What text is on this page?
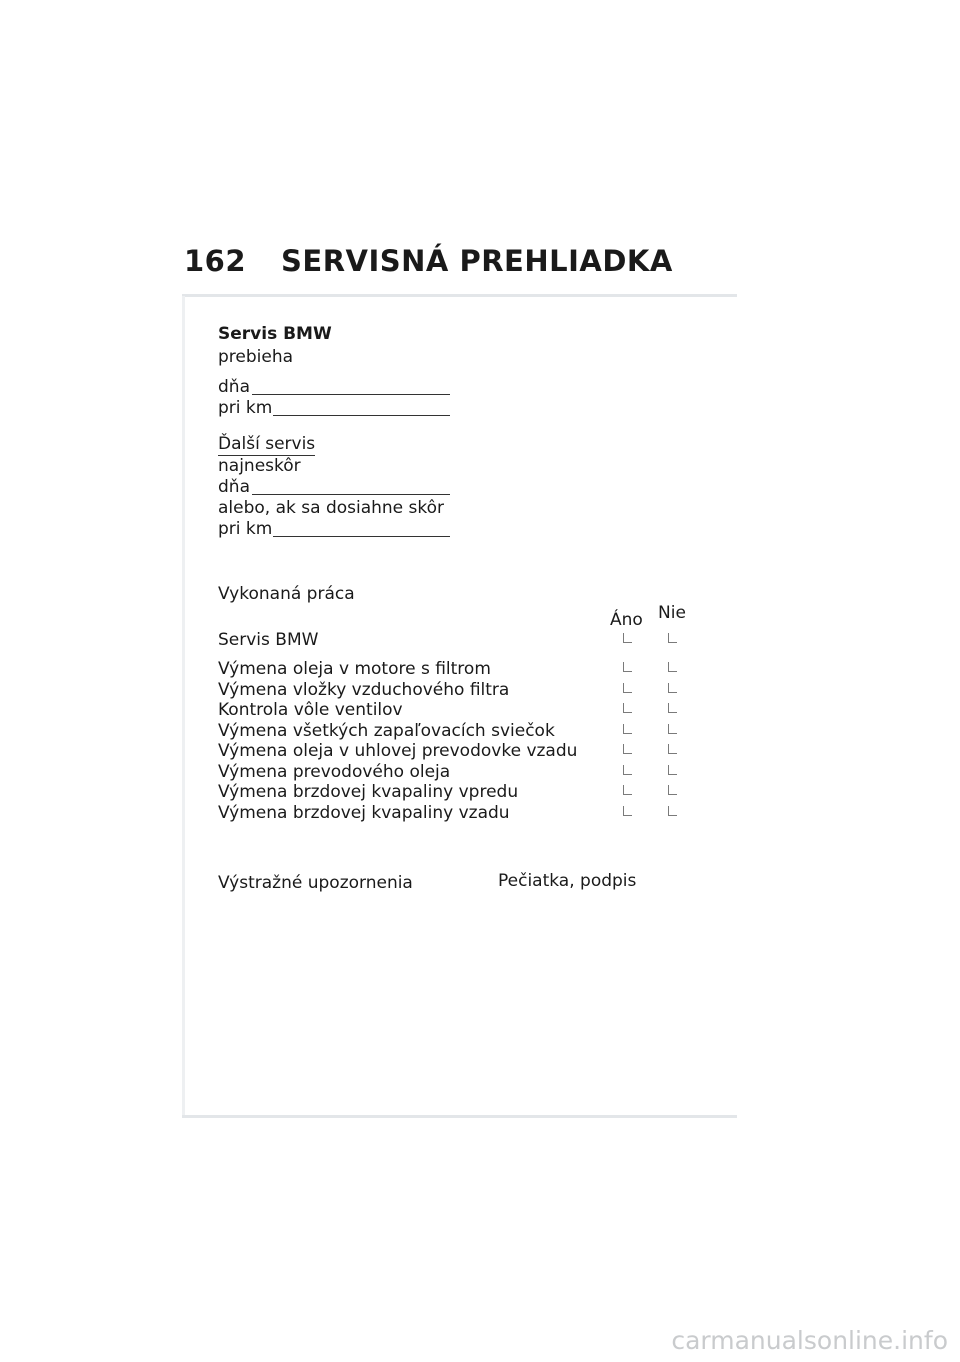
162 SERVISNÁ PREHLIADKA
Servis BMW
prebieha
dňa
pri km
Ďalší servis
najneskôr
dňa
alebo, ak sa dosiahne skôr
pri km
Vykonaná práca
Áno Nie
Servis BMW
Výmena oleja v motore s filtrom
Výmena vložky vzduchového filtra
Kontrola vôle ventilov
Výmena všetkých zapaľovacích sviečok
Výmena oleja v uhlovej prevodovke vzadu
Výmena prevodového oleja
Výmena brzdovej kvapaliny vpredu
Výmena brzdovej kvapaliny vzadu
Výstražné upozornenia	Pečiatka, podpis
carmanualsonline.info
